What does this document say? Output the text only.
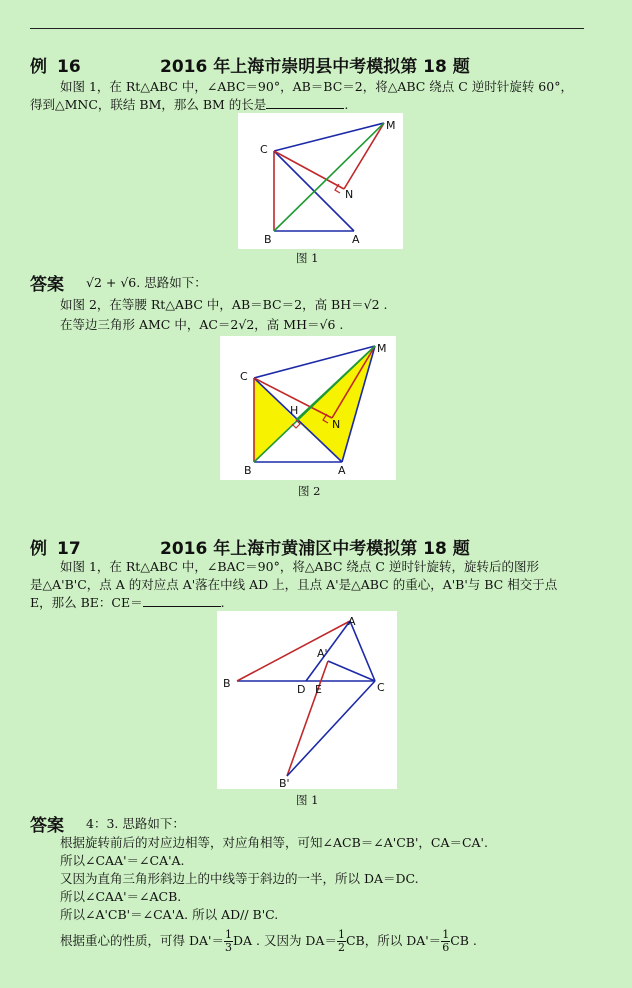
例 16	2016 年上海市崇明县中考模拟第 18 题
如图 1，在 Rt△ABC 中，∠ABC＝90°，AB＝BC＝2，将△ABC 绕点 C 逆时针旋转 60°，
得到△MNC，联结 BM，那么 BM 的长是	.
C
M
N
B	A
图 1
答案 √2 + √6. 思路如下：
如图 2，在等腰 Rt△ABC 中，AB＝BC＝2，高 BH＝√2 .
在等边三角形 AMC 中，AC＝2√2，高 MH＝√6 .
C
M
H
N
B	A
图 2
例 17	2016 年上海市黄浦区中考模拟第 18 题
如图 1，在 Rt△ABC 中，∠BAC＝90°，将△ABC 绕点 C 逆时针旋转，旋转后的图形
是△A'B'C，点 A 的对应点 A'落在中线 AD 上，且点 A'是△ABC 的重心，A'B'与 BC 相交于点
E，那么 BE：CE＝	.
A
A'
B	D E	C
B'
图 1
答案 4：3. 思路如下：
根据旋转前后的对应边相等，对应角相等，可知∠ACB＝∠A'CB'，CA＝CA'.
所以∠CAA'＝∠CA'A.
又因为直角三角形斜边上的中线等于斜边的一半，所以 DA＝DC.
所以∠CAA'＝∠ACB.
所以∠A'CB'＝∠CA'A. 所以 AD// B'C.
根据重心的性质，可得 $DA'= \frac{1}{3}$ DA . 又因为 $DA= \frac{1}{2}$ CB，所以 $DA'= \frac{1}{6}$ CB .
